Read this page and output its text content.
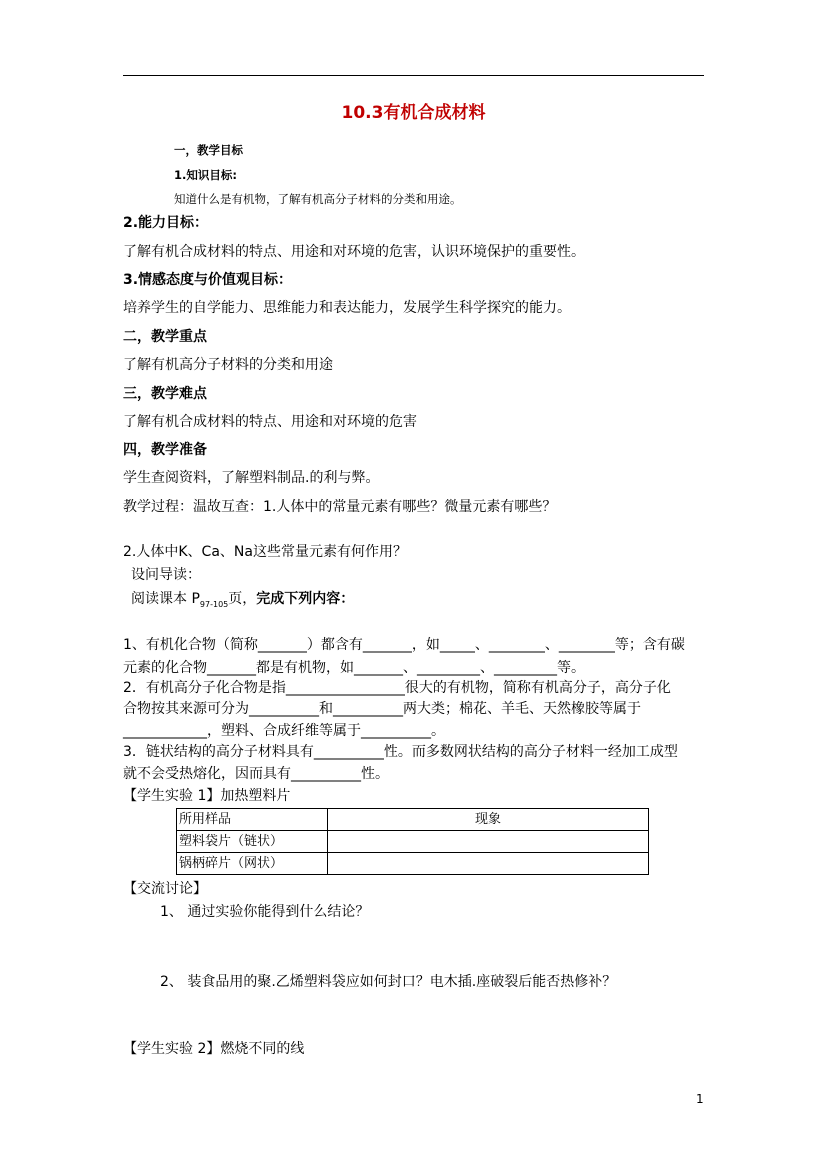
10.3有机合成材料
一，教学目标
1.知识目标:
知道什么是有机物，了解有机高分子材料的分类和用途。
2.能力目标：
了解有机合成材料的特点、用途和对环境的危害，认识环境保护的重要性。
3.情感态度与价值观目标：
培养学生的自学能力、思维能力和表达能力，发展学生科学探究的能力。
二，教学重点
了解有机高分子材料的分类和用途
三，教学难点
了解有机合成材料的特点、用途和对环境的危害
四，教学准备
学生查阅资料，了解塑料制品.的利与弊。
教学过程：温故互查：1.人体中的常量元素有哪些？微量元素有哪些？
2.人体中K、Ca、Na这些常量元素有何作用？
设问导读：
阅读课本 $P_{97-105}$页，完成下列内容：
1、有机化合物（简称_______）都含有_______，如_____、________、________等；含有碳
元素的化合物_______都是有机物，如_______、_________、_________等。
2．有机高分子化合物是指_________________很大的有机物，简称有机高分子，高分子化
合物按其来源可分为__________和__________两大类；棉花、羊毛、天然橡胶等属于
____________，塑料、合成纤维等属于__________。
3．链状结构的高分子材料具有__________性。而多数网状结构的高分子材料一经加工成型
就不会受热熔化，因而具有__________性。
【学生实验 1】加热塑料片
所用样品	现象
塑料袋片（链状）	
锅柄碎片（网状）	
【交流讨论】
1、 通过实验你能得到什么结论？
2、 装食品用的聚.乙烯塑料袋应如何封口？电木插.座破裂后能否热修补？
【学生实验 2】燃烧不同的线
1
